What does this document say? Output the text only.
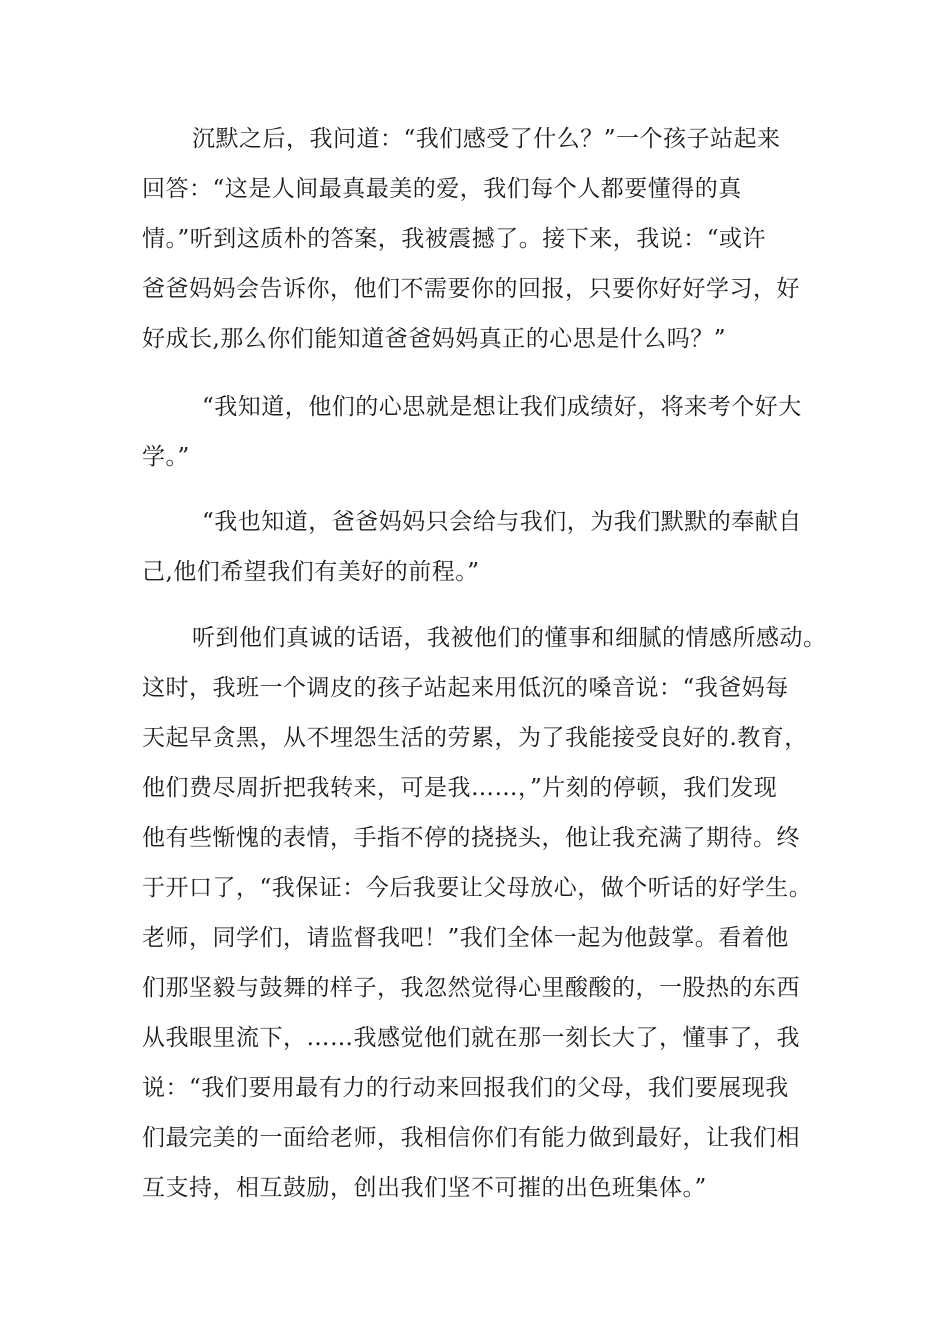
沉默之后，我问道：“我们感受了什么？”一个孩子站起来
回答：“这是人间最真最美的爱，我们每个人都要懂得的真
情。”听到这质朴的答案，我被震撼了。接下来，我说：“或许
爸爸妈妈会告诉你，他们不需要你的回报，只要你好好学习，好
好成长,那么你们能知道爸爸妈妈真正的心思是什么吗？”
“我知道，他们的心思就是想让我们成绩好，将来考个好大
学。”
“我也知道，爸爸妈妈只会给与我们，为我们默默的奉献自
己,他们希望我们有美好的前程。”
听到他们真诚的话语，我被他们的懂事和细腻的情感所感动。
这时，我班一个调皮的孩子站起来用低沉的嗓音说：“我爸妈每
天起早贪黑，从不埋怨生活的劳累，为了我能接受良好的.教育，
他们费尽周折把我转来，可是我……，”片刻的停顿，我们发现
他有些惭愧的表情，手指不停的挠挠头，他让我充满了期待。终
于开口了，“我保证：今后我要让父母放心，做个听话的好学生。
老师，同学们，请监督我吧！”我们全体一起为他鼓掌。看着他
们那坚毅与鼓舞的样子，我忽然觉得心里酸酸的，一股热的东西
从我眼里流下，……我感觉他们就在那一刻长大了，懂事了，我
说：“我们要用最有力的行动来回报我们的父母，我们要展现我
们最完美的一面给老师，我相信你们有能力做到最好，让我们相
互支持，相互鼓励，创出我们坚不可摧的出色班集体。”
